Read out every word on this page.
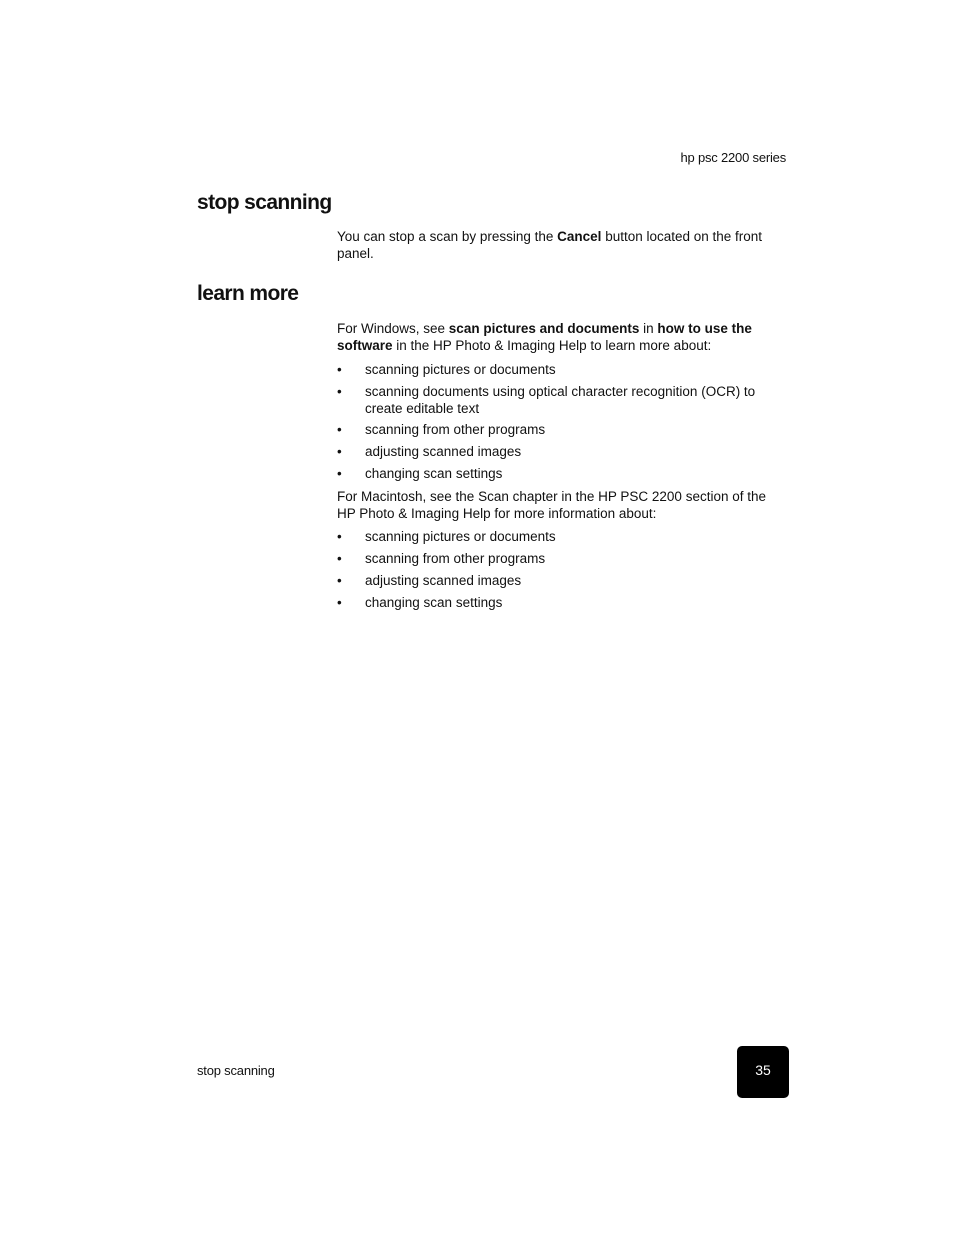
hp psc 2200 series
stop scanning

You can stop a scan by pressing the Cancel button located on the front panel.

learn more

For Windows, see scan pictures and documents in how to use the software in the HP Photo & Imaging Help to learn more about:

• scanning pictures or documents
• scanning documents using optical character recognition (OCR) to create editable text
• scanning from other programs
• adjusting scanned images
• changing scan settings

For Macintosh, see the Scan chapter in the HP PSC 2200 section of the HP Photo & Imaging Help for more information about:

• scanning pictures or documents
• scanning from other programs
• adjusting scanned images
• changing scan settings
stop scanning	35
